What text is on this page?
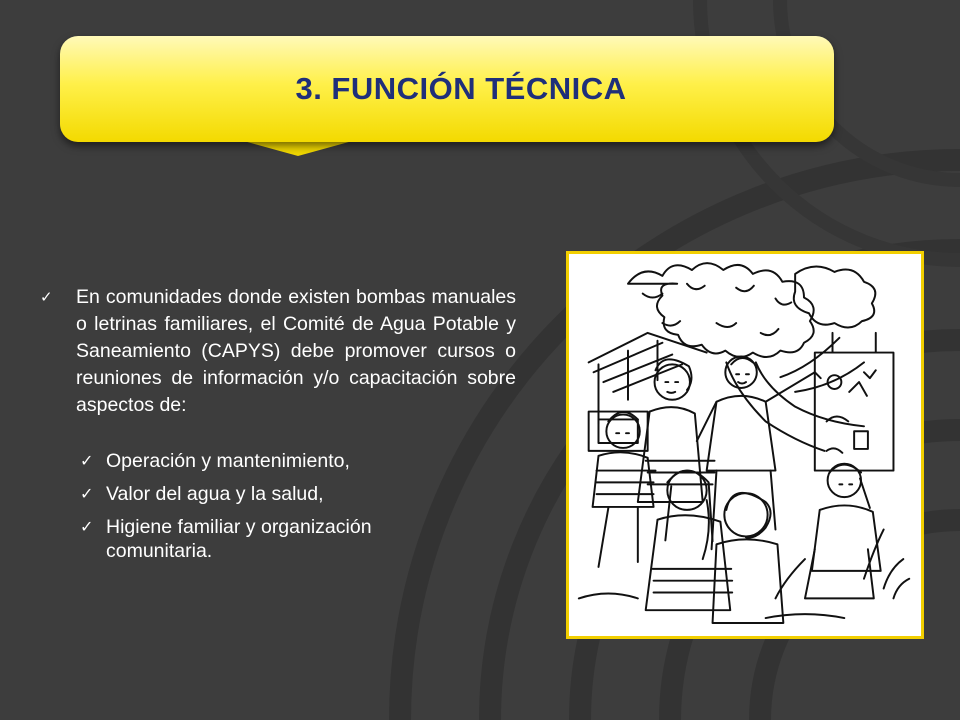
3. FUNCIÓN TÉCNICA
✓	En comunidades donde existen bombas manuales o letrinas familiares, el Comité de Agua Potable y Saneamiento (CAPYS) debe promover cursos o reuniones de información y/o capacitación sobre aspectos de:
✓ Operación y mantenimiento,
✓ Valor del agua y la salud,
✓ Higiene familiar y organización comunitaria.
